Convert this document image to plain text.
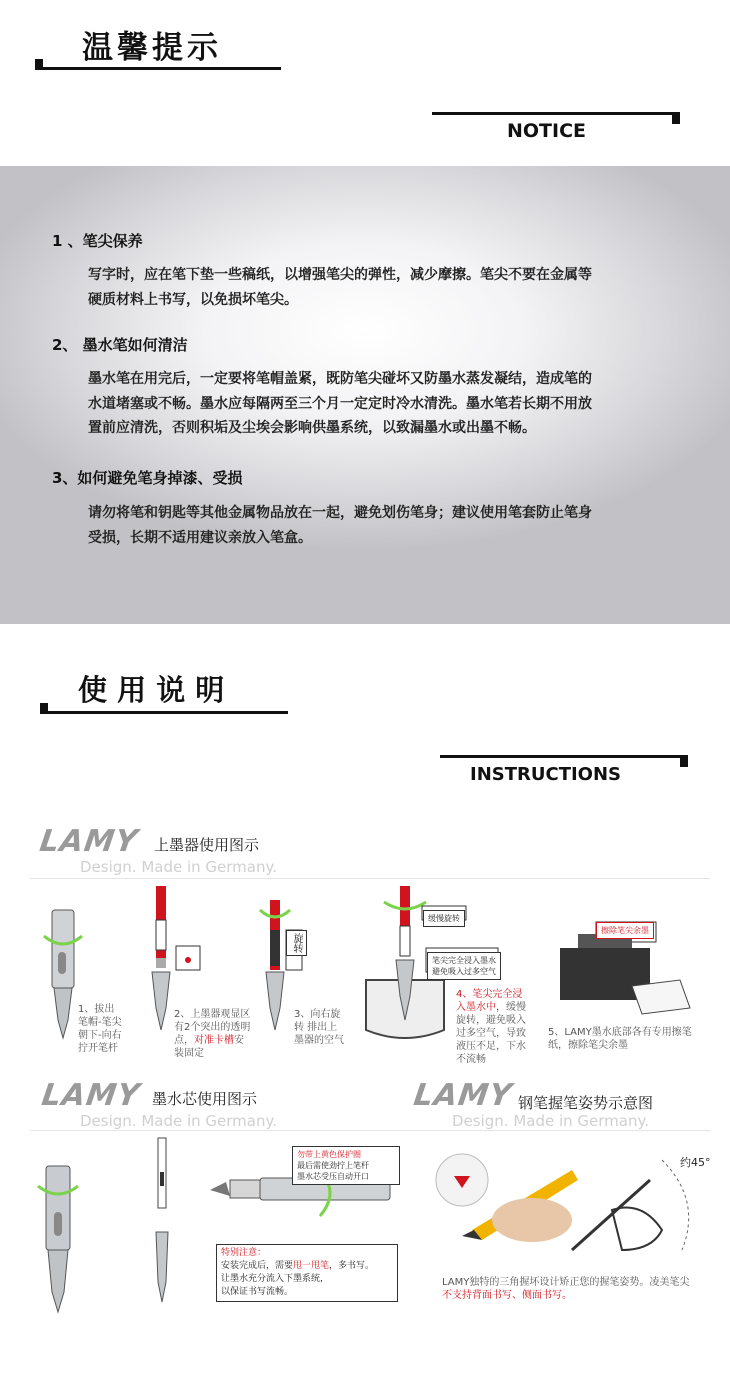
温馨提示
NOTICE
1 、笔尖保养
写字时，应在笔下垫一些稿纸，以增强笔尖的弹性，减少摩擦。笔尖不要在金属等
硬质材料上书写，以免损坏笔尖。
2、 墨水笔如何清洁
墨水笔在用完后，一定要将笔帽盖紧，既防笔尖碰坏又防墨水蒸发凝结，造成笔的
水道堵塞或不畅。墨水应每隔两至三个月一定定时冷水清洗。墨水笔若长期不用放
置前应清洗，否则积垢及尘埃会影响供墨系统，以致漏墨水或出墨不畅。
3、如何避免笔身掉漆、受损
请勿将笔和钥匙等其他金属物品放在一起，避免划伤笔身；建议使用笔套防止笔身
受损，长期不适用建议亲放入笔盒。
使 用 说 明
INSTRUCTIONS
LAMY 上墨器使用图示
Design. Made in Germany.
1、拔出
笔帽-笔尖
朝下-向右
拧开笔杆
2、上墨器观显区
有2个突出的透明
点，对准卡槽安
装固定
3、向右旋
转 排出上
墨器的空气
旋转
缓慢旋转
笔尖完全浸入墨水
避免吸入过多空气
4、笔尖完全浸
入墨水中，缓慢
旋转，避免吸入
过多空气，导致
液压不足，下水
不流畅
擦除笔尖余墨
5、LAMY墨水底部各有专用擦笔
纸，擦除笔尖余墨
LAMY 墨水芯使用图示
Design. Made in Germany.
LAMY 钢笔握笔姿势示意图
Design. Made in Germany.
勿带上黄色保护圈
最后需使劲拧上笔杆
墨水芯受压自动开口
特别注意：
安装完成后，需要甩一甩笔，多书写。
让墨水充分流入下墨系统，
以保证书写流畅。
约45°
LAMY独特的三角握坏设计矫正您的握笔姿势。凌美笔尖
不支持背面书写、侧面书写。
